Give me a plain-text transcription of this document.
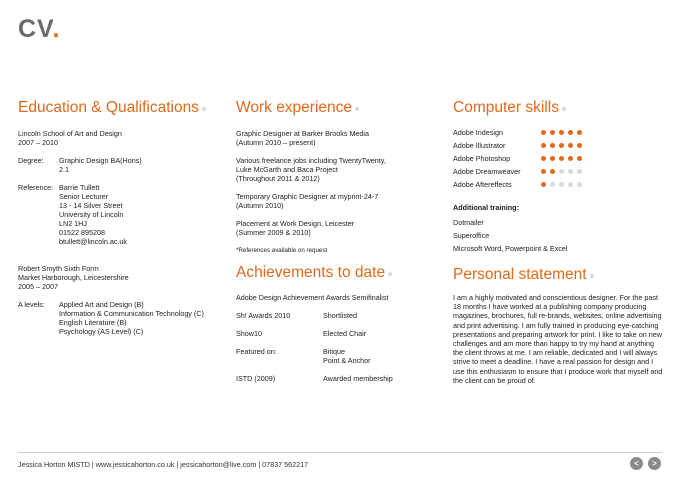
CV.
Education & Qualifications

Lincoln School of Art and Design

2007 – 2010

Degree:	Graphic Design BA(Hons)

2.1

Reference: Barrie Tullett

Senior Lecturer

13 - 14 Silver Street

University of Lincoln

LN2 1HJ

01522 895208

btullett@lincoln.ac.uk

Robert Smyth Sixth Form

Market Harborough, Leicestershire

2005 – 2007

A levels:	Applied Art and Design (B)

Information & Communication Technology (C)

English Literature (B)

Psychology (AS Level) (C)

Work experience

Graphic Designer at Barker Brooks Media

(Autumn 2010 – present)

Various freelance jobs including TwentyTwenty,

Luke McGarth and Baca Project

(Throughout 2011 & 2012)

Temporary Graphic Designer at myprint-24-7

(Autumn 2010)

Placement at Work Design, Leicester

(Summer 2009 & 2010)

*References available on request

Achievements to date

Adobe Design Achievement Awards Semifinalist

Sh! Awards 2010	Shortlisted
Show10	Elected Chair
Featured on:	Bitique

Point & Anchor

ISTD (2009)	Awarded membership
Computer skills
Adobe Indesign
Adobe Illustrator
Adobe Photoshop
Adobe Dreamweaver
Adobe Aftereffects

Additional training:

Dotmailer

Superoffice

Microsoft Word, Powerpoint & Excel

Personal statement

I am a highly motivated and conscientious designer. For the past 18 months I have worked at a publishing company producing magazines, brochures, full re-brands, websites, online advertising and print advertising. I am fully trained in producing eye-catching presentations and preparing artwork for print. I like to take on new challenges and am more than happy to try my hand at anything the client throws at me. I am reliable, dedicated and I will always strive to meet a deadline. I have a real passion for design and I use this enthusiasm to ensure that I produce work that myself and the client can be proud of.

Jessica Horton MISTD | www.jessicahorton.co.uk | jessicahorton@live.com | 07837 562217	<	>
